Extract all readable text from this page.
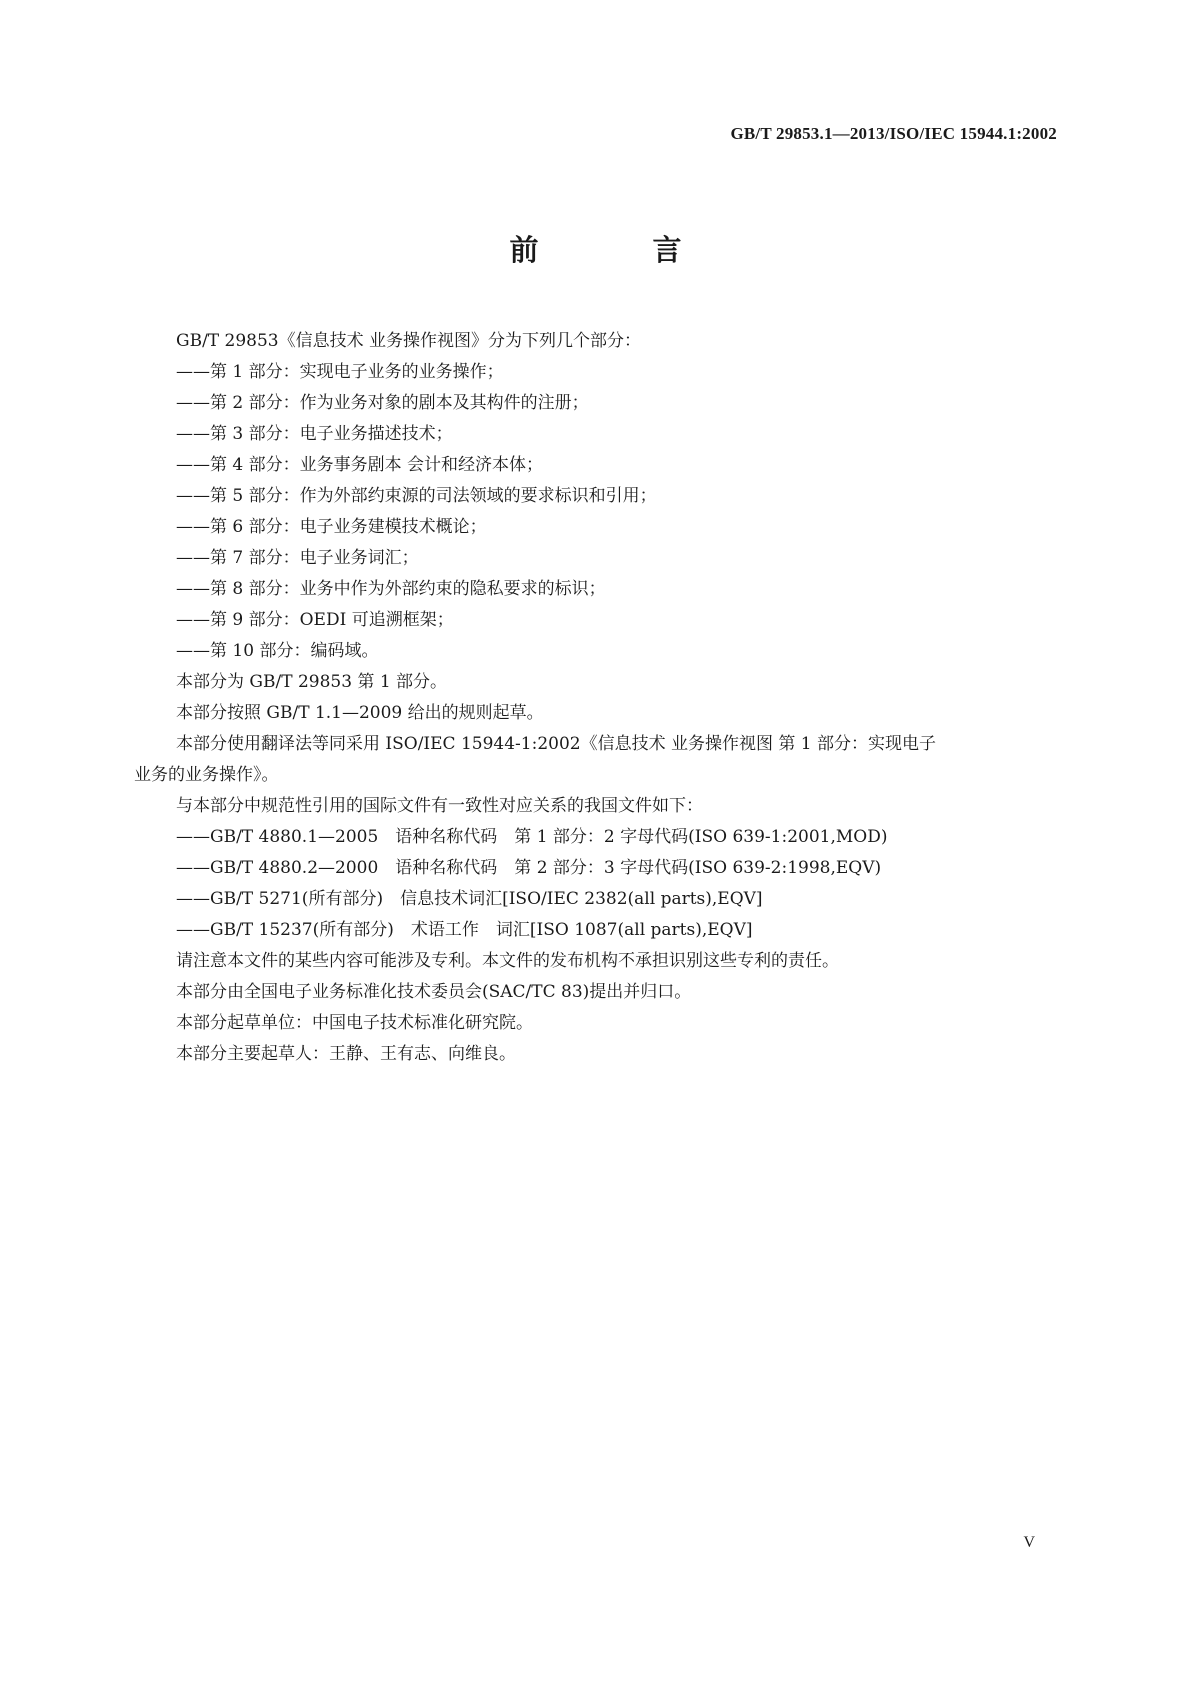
GB/T 29853.1—2013/ISO/IEC 15944.1:2002
前 言
GB/T 29853《信息技术 业务操作视图》分为下列几个部分：
——第 1 部分：实现电子业务的业务操作；
——第 2 部分：作为业务对象的剧本及其构件的注册；
——第 3 部分：电子业务描述技术；
——第 4 部分：业务事务剧本 会计和经济本体；
——第 5 部分：作为外部约束源的司法领域的要求标识和引用；
——第 6 部分：电子业务建模技术概论；
——第 7 部分：电子业务词汇；
——第 8 部分：业务中作为外部约束的隐私要求的标识；
——第 9 部分：OEDI 可追溯框架；
——第 10 部分：编码域。
本部分为 GB/T 29853 第 1 部分。
本部分按照 GB/T 1.1—2009 给出的规则起草。
本部分使用翻译法等同采用 ISO/IEC 15944-1:2002《信息技术 业务操作视图 第 1 部分：实现电子
业务的业务操作》。
与本部分中规范性引用的国际文件有一致性对应关系的我国文件如下：
——GB/T 4880.1—2005　语种名称代码　第 1 部分：2 字母代码(ISO 639-1:2001,MOD)
——GB/T 4880.2—2000　语种名称代码　第 2 部分：3 字母代码(ISO 639-2:1998,EQV)
——GB/T 5271(所有部分)　信息技术词汇[ISO/IEC 2382(all parts),EQV]
——GB/T 15237(所有部分)　术语工作　词汇[ISO 1087(all parts),EQV]
请注意本文件的某些内容可能涉及专利。本文件的发布机构不承担识别这些专利的责任。
本部分由全国电子业务标准化技术委员会(SAC/TC 83)提出并归口。
本部分起草单位：中国电子技术标准化研究院。
本部分主要起草人：王静、王有志、向维良。
V
